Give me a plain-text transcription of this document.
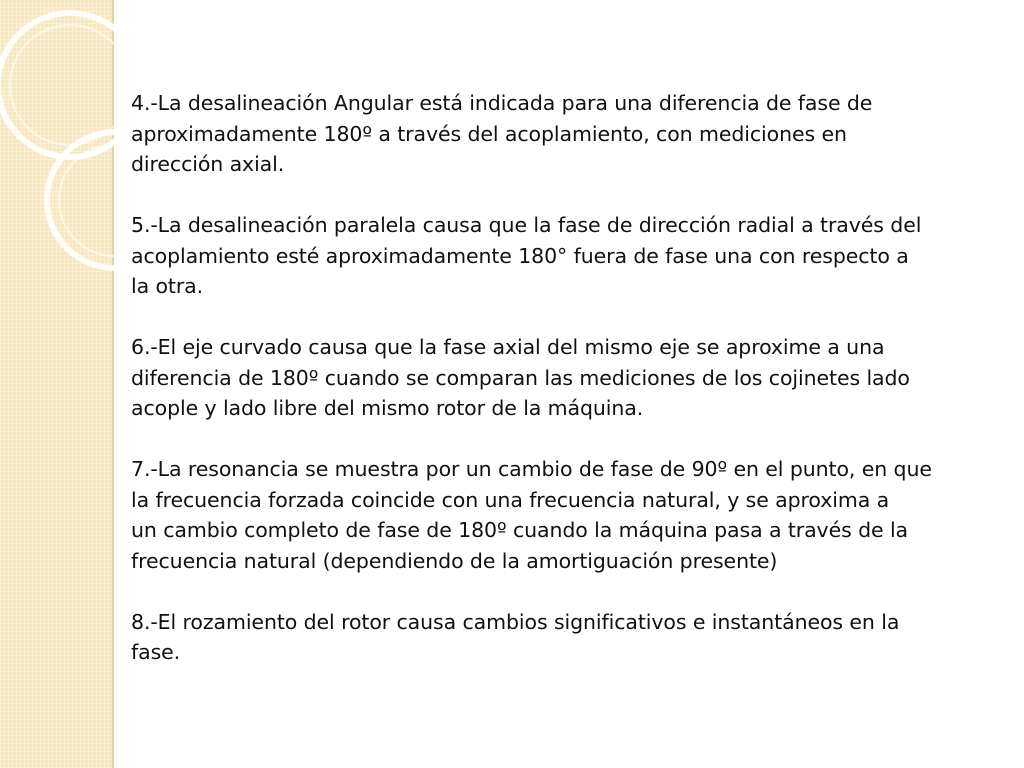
4.-La desalineación Angular está indicada para una diferencia de fase de
aproximadamente 180º a través del acoplamiento, con mediciones en
dirección axial.

5.-La desalineación paralela causa que la fase de dirección radial a través del
acoplamiento esté aproximadamente 180° fuera de fase una con respecto a
la otra.

6.-El eje curvado causa que la fase axial del mismo eje se aproxime a una
diferencia de 180º cuando se comparan las mediciones de los cojinetes lado
acople y lado libre del mismo rotor de la máquina.

7.-La resonancia se muestra por un cambio de fase de 90º en el punto, en que
la frecuencia forzada coincide con una frecuencia natural, y se aproxima a
un cambio completo de fase de 180º cuando la máquina pasa a través de la
frecuencia natural (dependiendo de la amortiguación presente)

8.-El rozamiento del rotor causa cambios significativos e instantáneos en la
fase.
